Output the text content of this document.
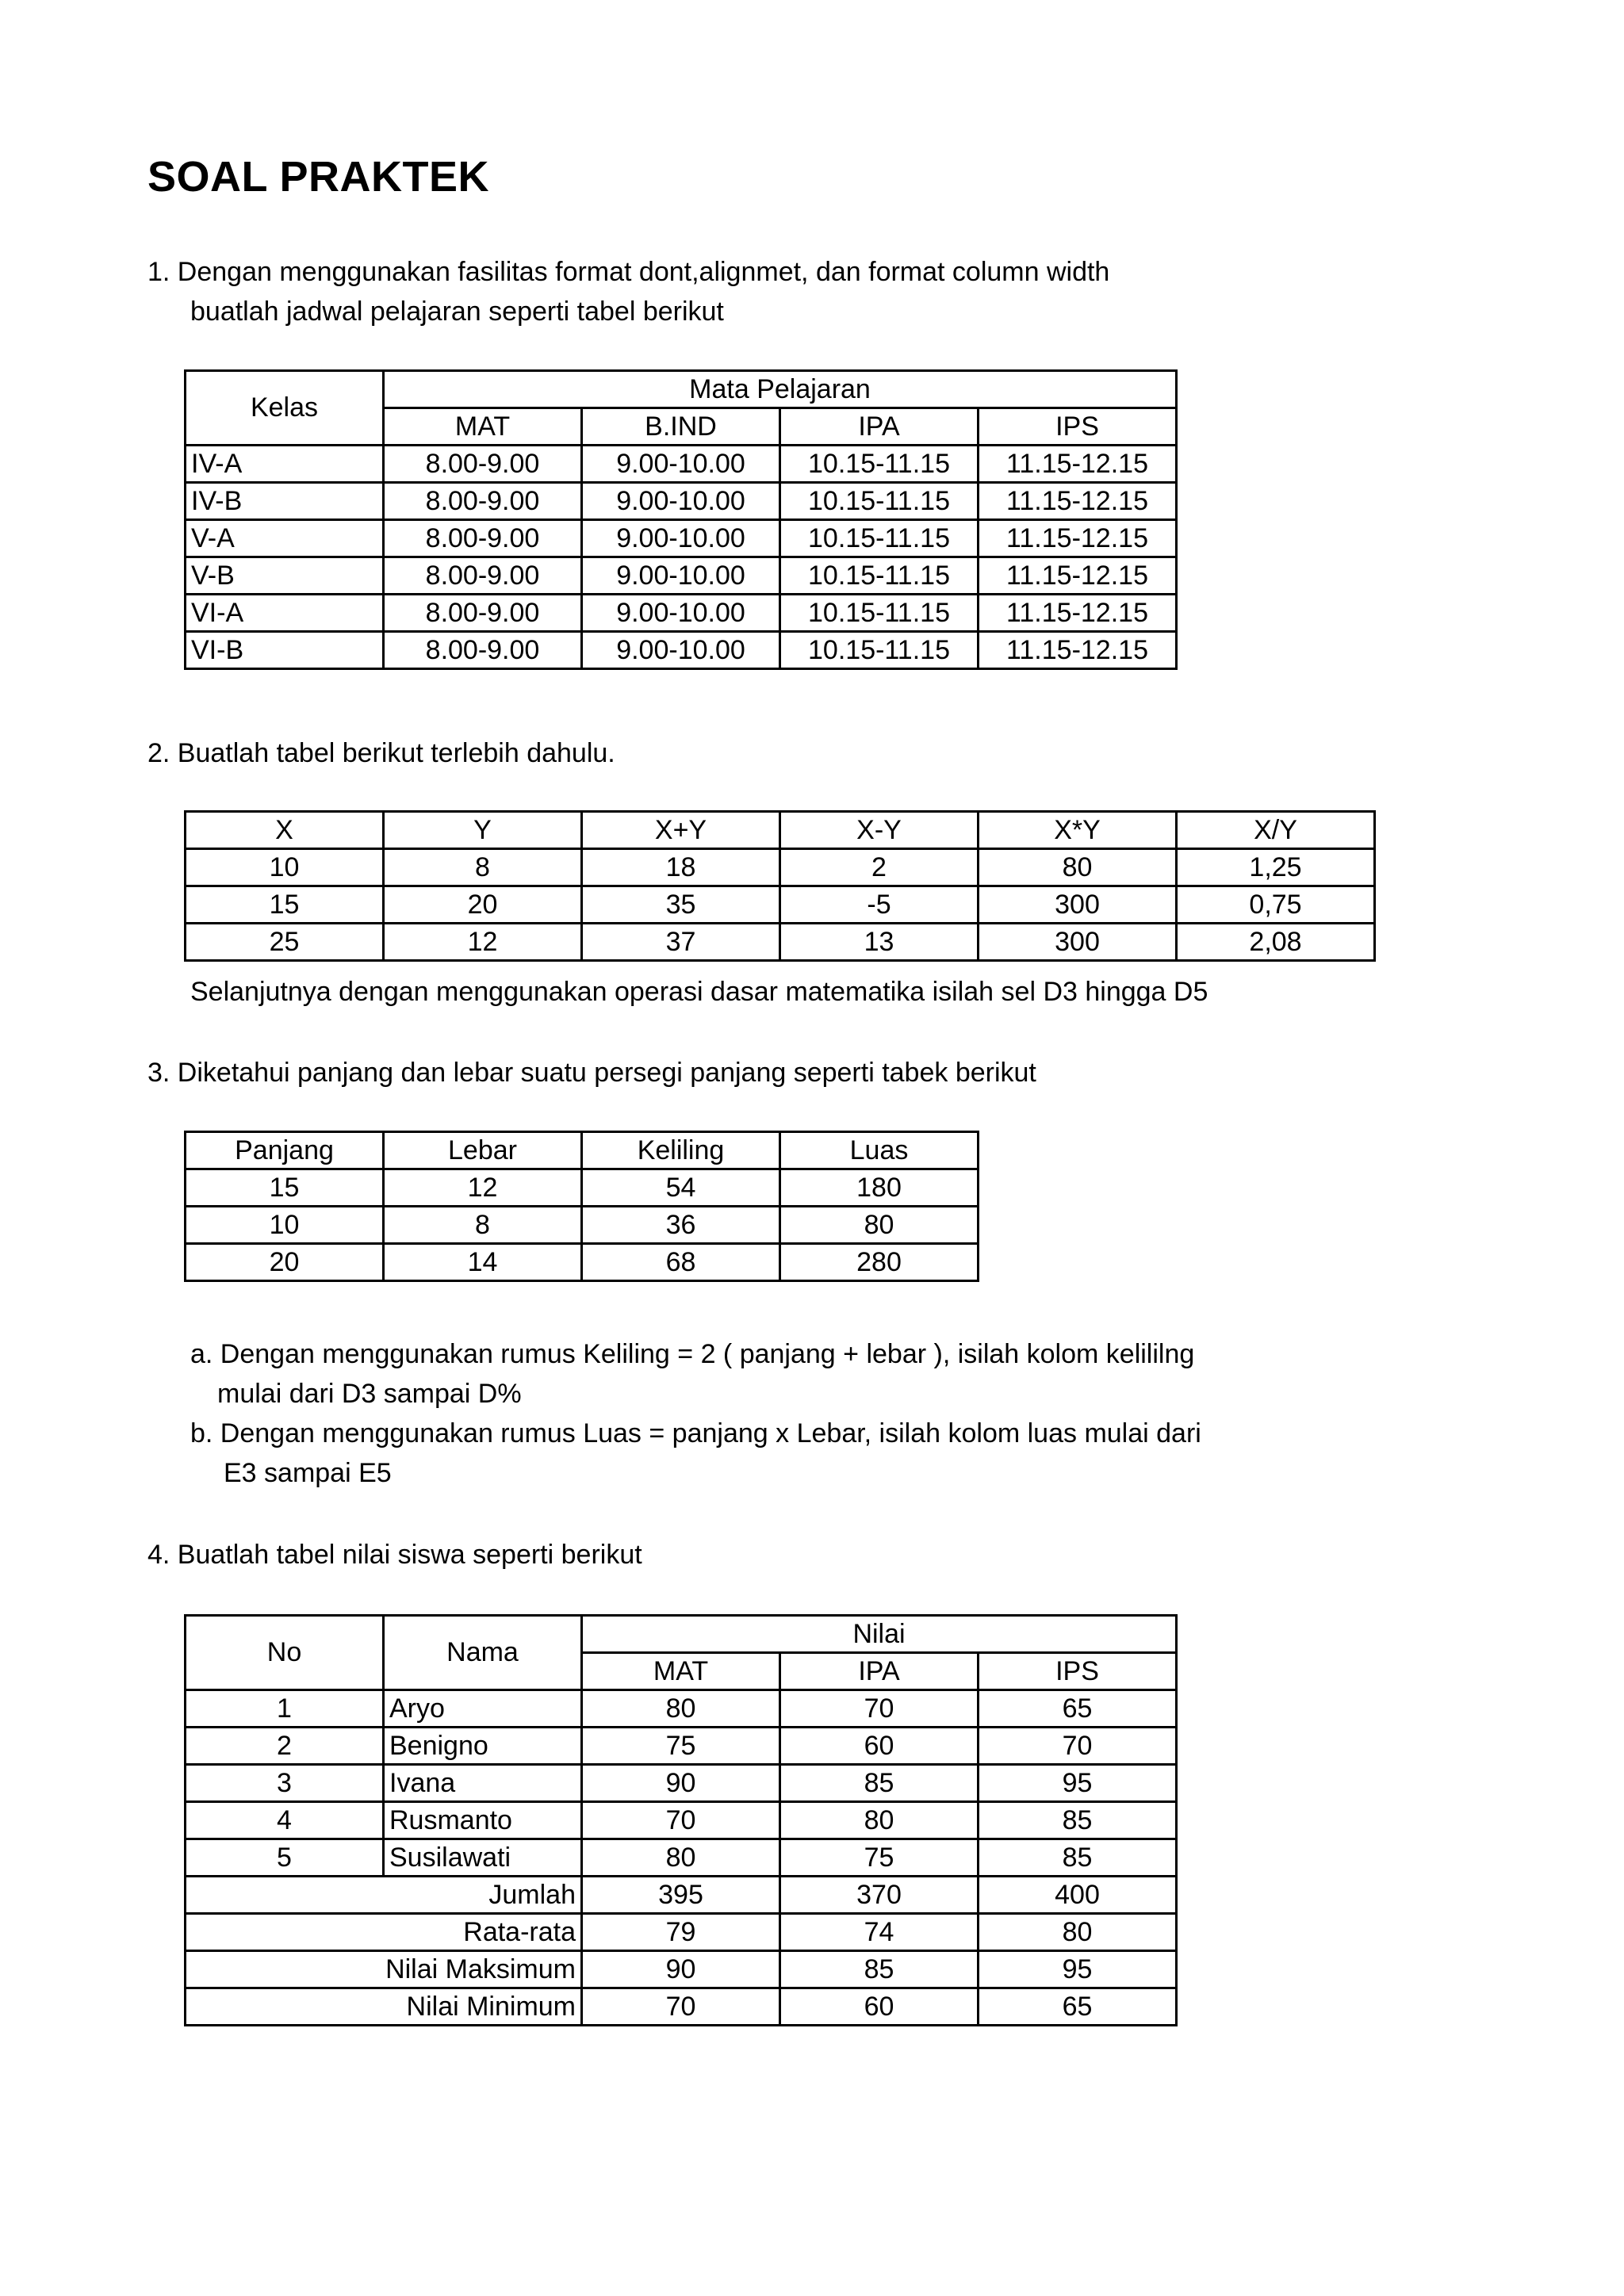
SOAL PRAKTEK
1. Dengan menggunakan fasilitas format dont,alignmet, dan format column width
buatlah jadwal pelajaran seperti tabel berikut
Kelas	Mata Pelajaran			
	MAT	B.IND	IPA	IPS
IV-A	8.00-9.00	9.00-10.00	10.15-11.15	11.15-12.15
IV-B	8.00-9.00	9.00-10.00	10.15-11.15	11.15-12.15
V-A	8.00-9.00	9.00-10.00	10.15-11.15	11.15-12.15
V-B	8.00-9.00	9.00-10.00	10.15-11.15	11.15-12.15
VI-A	8.00-9.00	9.00-10.00	10.15-11.15	11.15-12.15
VI-B	8.00-9.00	9.00-10.00	10.15-11.15	11.15-12.15
2. Buatlah tabel berikut terlebih dahulu.
X	Y	X+Y	X-Y	X*Y	X/Y
10	8	18	2	80	1,25
15	20	35	-5	300	0,75
25	12	37	13	300	2,08
Selanjutnya dengan menggunakan operasi dasar matematika isilah sel D3 hingga D5
3. Diketahui panjang dan lebar suatu persegi panjang seperti tabek berikut
Panjang	Lebar	Keliling	Luas
15	12	54	180
10	8	36	80
20	14	68	280
a. Dengan menggunakan rumus Keliling = 2 ( panjang + lebar ), isilah kolom kelililng
mulai dari D3 sampai D%
b. Dengan menggunakan rumus Luas = panjang x Lebar, isilah kolom luas mulai dari
E3 sampai E5
4. Buatlah tabel nilai siswa seperti berikut
No	Nama	Nilai		
		MAT	IPA	IPS
1	Aryo	80	70	65
2	Benigno	75	60	70
3	Ivana	90	85	95
4	Rusmanto	70	80	85
5	Susilawati	80	75	85
Jumlah		395	370	400
Rata-rata		79	74	80
Nilai Maksimum		90	85	95
Nilai Minimum		70	60	65
